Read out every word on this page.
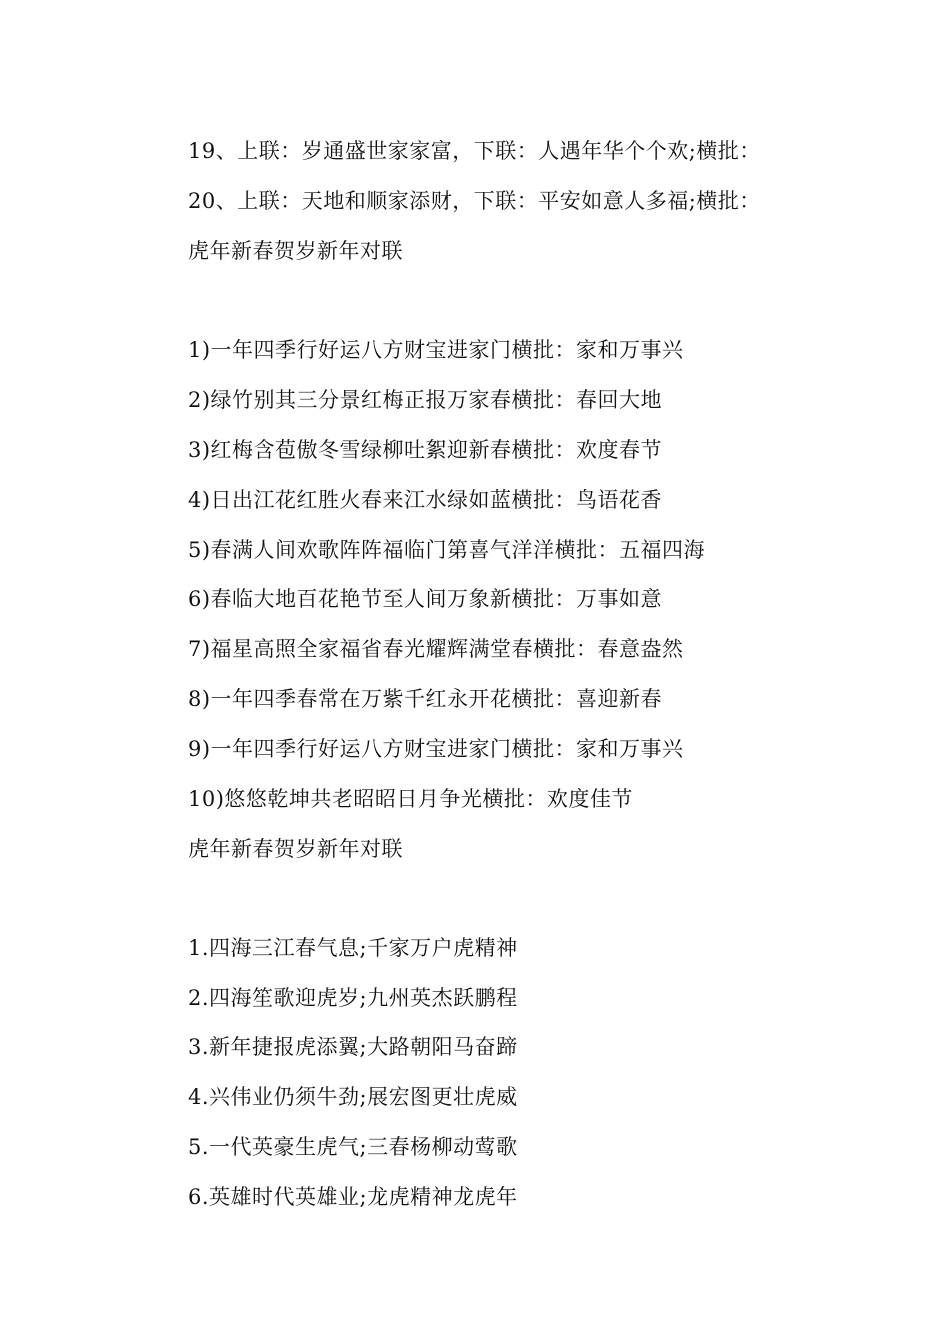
19、上联：岁通盛世家家富，下联：人遇年华个个欢;横批：
20、上联：天地和顺家添财，下联：平安如意人多福;横批：
虎年新春贺岁新年对联
1)一年四季行好运八方财宝进家门横批：家和万事兴
2)绿竹别其三分景红梅正报万家春横批：春回大地
3)红梅含苞傲冬雪绿柳吐絮迎新春横批：欢度春节
4)日出江花红胜火春来江水绿如蓝横批：鸟语花香
5)春满人间欢歌阵阵福临门第喜气洋洋横批：五福四海
6)春临大地百花艳节至人间万象新横批：万事如意
7)福星高照全家福省春光耀辉满堂春横批：春意盎然
8)一年四季春常在万紫千红永开花横批：喜迎新春
9)一年四季行好运八方财宝进家门横批：家和万事兴
10)悠悠乾坤共老昭昭日月争光横批：欢度佳节
虎年新春贺岁新年对联
1.四海三江春气息;千家万户虎精神
2.四海笙歌迎虎岁;九州英杰跃鹏程
3.新年捷报虎添翼;大路朝阳马奋蹄
4.兴伟业仍须牛劲;展宏图更壮虎威
5.一代英豪生虎气;三春杨柳动莺歌
6.英雄时代英雄业;龙虎精神龙虎年
